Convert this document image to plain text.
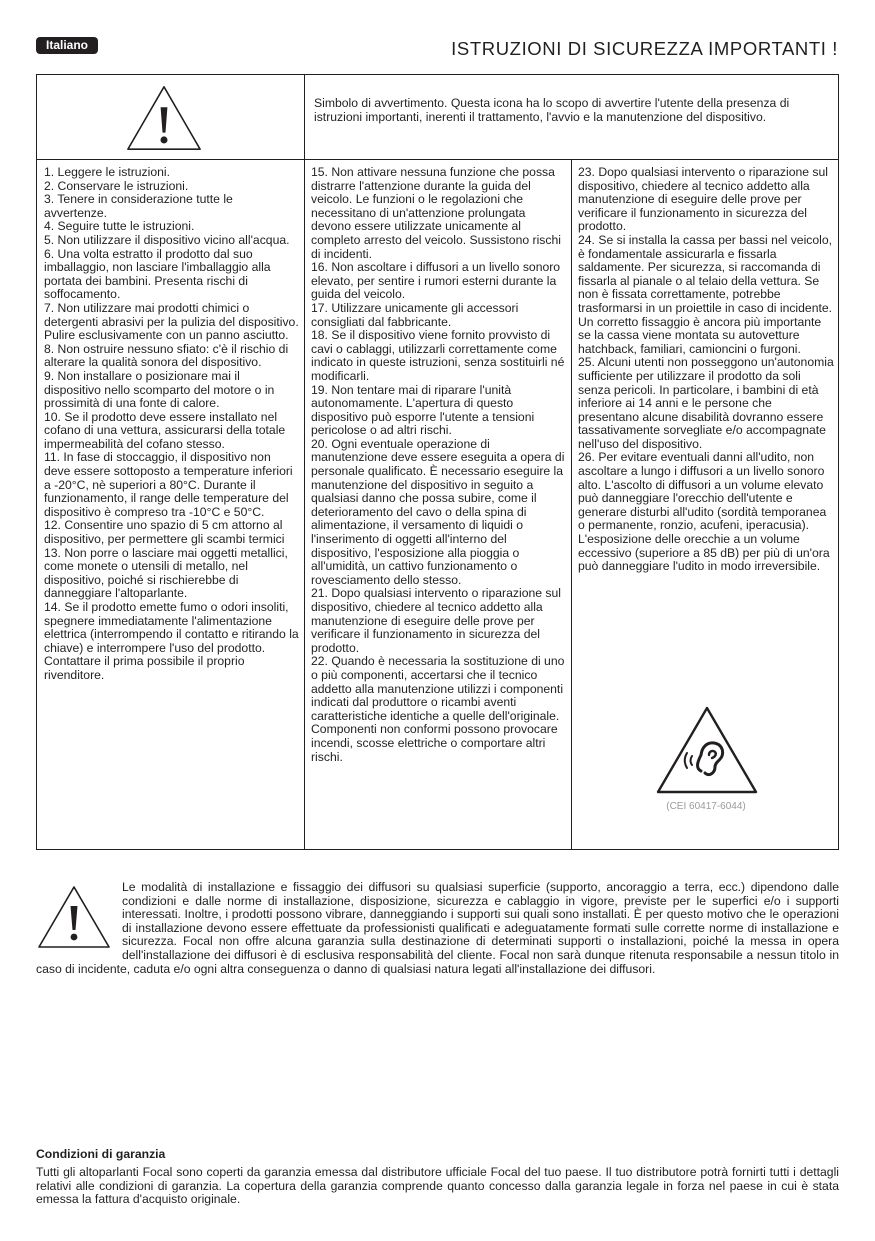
Italiano	ISTRUZIONI DI SICUREZZA IMPORTANTI !
Simbolo di avvertimento. Questa icona ha lo scopo di avvertire l'utente della presenza di istruzioni importanti, inerenti il trattamento, l'avvio e la manutenzione del dispositivo.

1. Leggere le istruzioni.

2. Conservare le istruzioni.

3. Tenere in considerazione tutte le avvertenze.

4. Seguire tutte le istruzioni.

5. Non utilizzare il dispositivo vicino all'acqua.

6. Una volta estratto il prodotto dal suo imballaggio, non lasciare l'imballaggio alla portata dei bambini. Presenta rischi di soffocamento.

7. Non utilizzare mai prodotti chimici o detergenti abrasivi per la pulizia del dispositivo. Pulire esclusivamente con un panno asciutto.

8. Non ostruire nessuno sfiato: c'è il rischio di alterare la qualità sonora del dispositivo.

9. Non installare o posizionare mai il dispositivo nello scomparto del motore o in prossimità di una fonte di calore.

10. Se il prodotto deve essere installato nel cofano di una vettura, assicurarsi della totale impermeabilità del cofano stesso.

11. In fase di stoccaggio, il dispositivo non deve essere sottoposto a temperature inferiori a -20°C, nè superiori a 80°C. Durante il funzionamento, il range delle temperature del dispositivo è compreso tra -10°C e 50°C.

12. Consentire uno spazio di 5 cm attorno al dispositivo, per permettere gli scambi termici

13. Non porre o lasciare mai oggetti metallici, come monete o utensili di metallo, nel dispositivo, poiché si rischierebbe di danneggiare l'altoparlante.

14. Se il prodotto emette fumo o odori insoliti, spegnere immediatamente l'alimentazione elettrica (interrompendo il contatto e ritirando la chiave) e interrompere l'uso del prodotto. Contattare il prima possibile il proprio rivenditore.

15. Non attivare nessuna funzione che possa distrarre l'attenzione durante la guida del veicolo. Le funzioni o le regolazioni che necessitano di un'attenzione prolungata devono essere utilizzate unicamente al completo arresto del veicolo. Sussistono rischi di incidenti.

16. Non ascoltare i diffusori a un livello sonoro elevato, per sentire i rumori esterni durante la guida del veicolo.

17. Utilizzare unicamente gli accessori consigliati dal fabbricante.

18. Se il dispositivo viene fornito provvisto di cavi o cablaggi, utilizzarli correttamente come indicato in queste istruzioni, senza sostituirli né modificarli.

19. Non tentare mai di riparare l'unità autonomamente. L'apertura di questo dispositivo può esporre l'utente a tensioni pericolose o ad altri rischi.

20. Ogni eventuale operazione di manutenzione deve essere eseguita a opera di personale qualificato. È necessario eseguire la manutenzione del dispositivo in seguito a qualsiasi danno che possa subire, come il deterioramento del cavo o della spina di alimentazione, il versamento di liquidi o l'inserimento di oggetti all'interno del dispositivo, l'esposizione alla pioggia o all'umidità, un cattivo funzionamento o rovesciamento dello stesso.

21. Dopo qualsiasi intervento o riparazione sul dispositivo, chiedere al tecnico addetto alla manutenzione di eseguire delle prove per verificare il funzionamento in sicurezza del prodotto.

22. Quando è necessaria la sostituzione di uno o più componenti, accertarsi che il tecnico addetto alla manutenzione utilizzi i componenti indicati dal produttore o ricambi aventi caratteristiche identiche a quelle dell'originale. Componenti non conformi possono provocare incendi, scosse elettriche o comportare altri rischi.

23. Dopo qualsiasi intervento o riparazione sul dispositivo, chiedere al tecnico addetto alla manutenzione di eseguire delle prove per verificare il funzionamento in sicurezza del prodotto.

24. Se si installa la cassa per bassi nel veicolo, è fondamentale assicurarla e fissarla saldamente. Per sicurezza, si raccomanda di fissarla al pianale o al telaio della vettura. Se non è fissata correttamente, potrebbe trasformarsi in un proiettile in caso di incidente.

Un corretto fissaggio è ancora più importante se la cassa viene montata su autovetture hatchback, familiari, camioncini o furgoni.

25. Alcuni utenti non posseggono un'autonomia sufficiente per utilizzare il prodotto da soli senza pericoli. In particolare, i bambini di età inferiore ai 14 anni e le persone che presentano alcune disabilità dovranno essere tassativamente sorvegliate e/o accompagnate nell'uso del dispositivo.

26. Per evitare eventuali danni all'udito, non ascoltare a lungo i diffusori a un livello sonoro alto. L'ascolto di diffusori a un volume elevato può danneggiare l'orecchio dell'utente e generare disturbi all'udito (sordità temporanea o permanente, ronzio, acufeni, iperacusia). L'esposizione delle orecchie a un volume eccessivo (superiore a 85 dB) per più di un'ora può danneggiare l'udito in modo irreversibile.

(CEI 60417-6044)
Le modalità di installazione e fissaggio dei diffusori su qualsiasi superficie (supporto, ancoraggio a terra, ecc.) dipendono dalle condizioni e dalle norme di installazione, disposizione, sicurezza e cablaggio in vigore, previste per le superfici e/o i supporti interessati. Inoltre, i prodotti possono vibrare, danneggiando i supporti sui quali sono installati. È per questo motivo che le operazioni di installazione devono essere effettuate da professionisti qualificati e adeguatamente formati sulle corrette norme di installazione e sicurezza. Focal non offre alcuna garanzia sulla destinazione di determinati supporti o installazioni, poiché la messa in opera dell'installazione dei diffusori è di esclusiva responsabilità del cliente. Focal non sarà dunque ritenuta responsabile a nessun titolo in caso di incidente, caduta e/o ogni altra conseguenza o danno di qualsiasi natura legati all'installazione dei diffusori.
Condizioni di garanzia
Tutti gli altoparlanti Focal sono coperti da garanzia emessa dal distributore ufficiale Focal del tuo paese. Il tuo distributore potrà fornirti tutti i dettagli relativi alle condizioni di garanzia. La copertura della garanzia comprende quanto concesso dalla garanzia legale in forza nel paese in cui è stata emessa la fattura d'acquisto originale.
